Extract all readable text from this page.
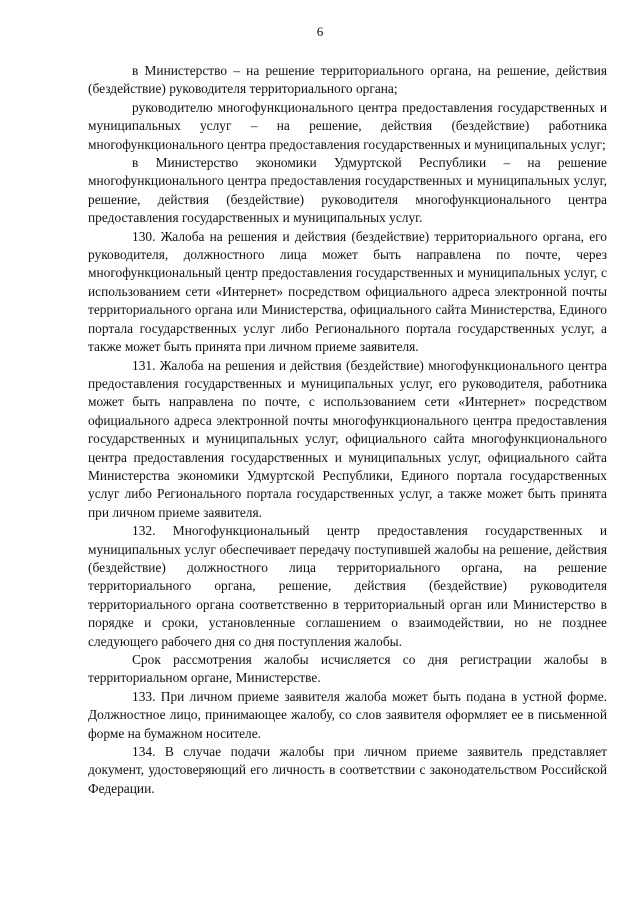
6

в Министерство – на решение территориального органа, на решение, действия (бездействие) руководителя территориального органа;

руководителю многофункционального центра предоставления государственных и муниципальных услуг – на решение, действия (бездействие) работника многофункционального центра предоставления государственных и муниципальных услуг;

в Министерство экономики Удмуртской Республики – на решение многофункционального центра предоставления государственных и муниципальных услуг, решение, действия (бездействие) руководителя многофункционального центра предоставления государственных и муниципальных услуг.

130. Жалоба на решения и действия (бездействие) территориального органа, его руководителя, должностного лица может быть направлена по почте, через многофункциональный центр предоставления государственных и муниципальных услуг, с использованием сети «Интернет» посредством официального адреса электронной почты территориального органа или Министерства, официального сайта Министерства, Единого портала государственных услуг либо Регионального портала государственных услуг, а также может быть принята при личном приеме заявителя.

131. Жалоба на решения и действия (бездействие) многофункционального центра предоставления государственных и муниципальных услуг, его руководителя, работника может быть направлена по почте, с использованием сети «Интернет» посредством официального адреса электронной почты многофункционального центра предоставления государственных и муниципальных услуг, официального сайта многофункционального центра предоставления государственных и муниципальных услуг, официального сайта Министерства экономики Удмуртской Республики, Единого портала государственных услуг либо Регионального портала государственных услуг, а также может быть принята при личном приеме заявителя.

132. Многофункциональный центр предоставления государственных и муниципальных услуг обеспечивает передачу поступившей жалобы на решение, действия (бездействие) должностного лица территориального органа, на решение территориального органа, решение, действия (бездействие) руководителя территориального органа соответственно в территориальный орган или Министерство в порядке и сроки, установленные соглашением о взаимодействии, но не позднее следующего рабочего дня со дня поступления жалобы.

Срок рассмотрения жалобы исчисляется со дня регистрации жалобы в территориальном органе, Министерстве.

133. При личном приеме заявителя жалоба может быть подана в устной форме. Должностное лицо, принимающее жалобу, со слов заявителя оформляет ее в письменной форме на бумажном носителе.

134. В случае подачи жалобы при личном приеме заявитель представляет документ, удостоверяющий его личность в соответствии с законодательством Российской Федерации.
